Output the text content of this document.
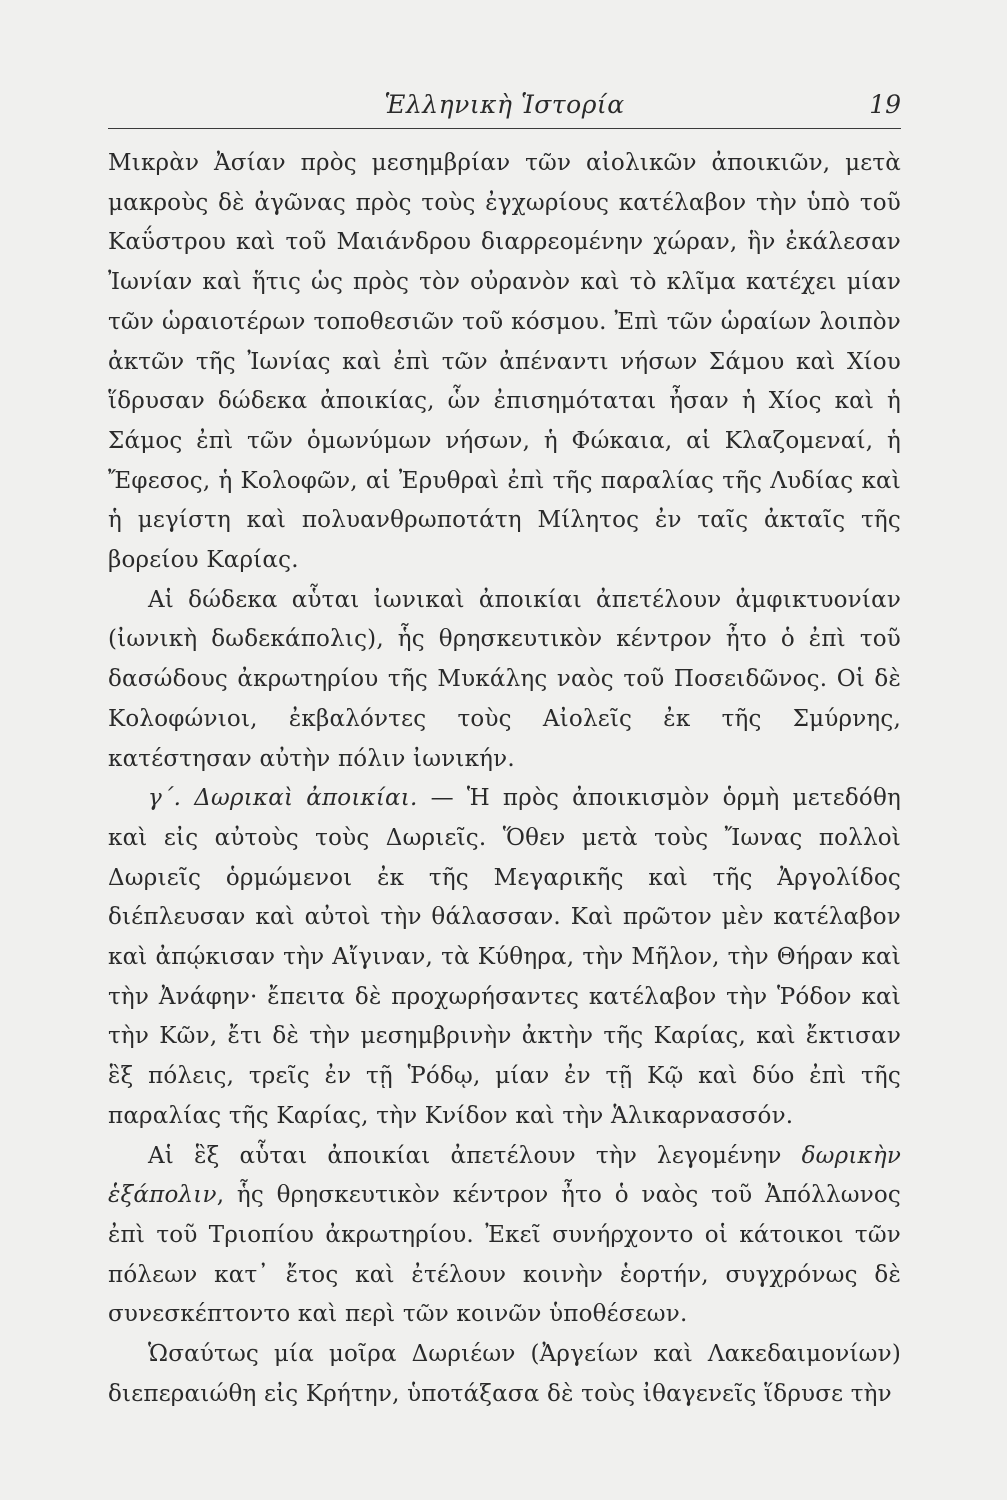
Ἑλληνικὴ Ἱστορία	19

Μικρὰν Ἀσίαν πρὸς μεσημβρίαν τῶν αἰολικῶν ἀποικιῶν, μετὰ μακροὺς δὲ ἀγῶνας πρὸς τοὺς ἐγχωρίους κατέλαβον τὴν ὑπὸ τοῦ Καΰστρου καὶ τοῦ Μαιάνδρου διαρρεομένην χώραν, ἣν ἐκάλεσαν Ἰωνίαν καὶ ἥτις ὡς πρὸς τὸν οὐρανὸν καὶ τὸ κλῖμα κατέχει μίαν τῶν ὡραιοτέρων τοποθεσιῶν τοῦ κόσμου. Ἐπὶ τῶν ὡραίων λοιπὸν ἀκτῶν τῆς Ἰωνίας καὶ ἐπὶ τῶν ἀπέναντι νήσων Σάμου καὶ Χίου ἵδρυσαν δώδεκα ἀποικίας, ὧν ἐπισημόταται ἦσαν ἡ Χίος καὶ ἡ Σάμος ἐπὶ τῶν ὁμωνύμων νήσων, ἡ Φώκαια, αἱ Κλαζομεναί, ἡ Ἔφεσος, ἡ Κολοφῶν, αἱ Ἐρυθραὶ ἐπὶ τῆς παραλίας τῆς Λυδίας καὶ ἡ μεγίστη καὶ πολυανθρωποτάτη Μίλητος ἐν ταῖς ἀκταῖς τῆς βορείου Καρίας.

Αἱ δώδεκα αὗται ἰωνικαὶ ἀποικίαι ἀπετέλουν ἀμφικτυονίαν (ἰωνικὴ δωδεκάπολις), ἧς θρησκευτικὸν κέντρον ἦτο ὁ ἐπὶ τοῦ δασώδους ἀκρωτηρίου τῆς Μυκάλης ναὸς τοῦ Ποσειδῶνος. Οἱ δὲ Κολοφώνιοι, ἐκβαλόντες τοὺς Αἰολεῖς ἐκ τῆς Σμύρνης, κατέστησαν αὐτὴν πόλιν ἰωνικήν.

γ΄. Δωρικαὶ ἀποικίαι. — Ἡ πρὸς ἀποικισμὸν ὁρμὴ μετεδόθη καὶ εἰς αὐτοὺς τοὺς Δωριεῖς. Ὅθεν μετὰ τοὺς Ἴωνας πολλοὶ Δωριεῖς ὁρμώμενοι ἐκ τῆς Μεγαρικῆς καὶ τῆς Ἀργολίδος διέπλευσαν καὶ αὐτοὶ τὴν θάλασσαν. Καὶ πρῶτον μὲν κατέλαβον καὶ ἀπῴκισαν τὴν Αἴγιναν, τὰ Κύθηρα, τὴν Μῆλον, τὴν Θήραν καὶ τὴν Ἀνάφην· ἔπειτα δὲ προχωρήσαντες κατέλαβον τὴν Ῥόδον καὶ τὴν Κῶν, ἔτι δὲ τὴν μεσημβρινὴν ἀκτὴν τῆς Καρίας, καὶ ἔκτισαν ἓξ πόλεις, τρεῖς ἐν τῇ Ῥόδῳ, μίαν ἐν τῇ Κῷ καὶ δύο ἐπὶ τῆς παραλίας τῆς Καρίας, τὴν Κνίδον καὶ τὴν Ἁλικαρνασσόν.

Αἱ ἓξ αὗται ἀποικίαι ἀπετέλουν τὴν λεγομένην δωρικὴν ἑξάπολιν, ἧς θρησκευτικὸν κέντρον ἦτο ὁ ναὸς τοῦ Ἀπόλλωνος ἐπὶ τοῦ Τριοπίου ἀκρωτηρίου. Ἐκεῖ συνήρχοντο οἱ κάτοικοι τῶν πόλεων κατ᾽ ἔτος καὶ ἐτέλουν κοινὴν ἑορτήν, συγχρόνως δὲ συνεσκέπτοντο καὶ περὶ τῶν κοινῶν ὑποθέσεων.

Ὡσαύτως μία μοῖρα Δωριέων (Ἀργείων καὶ Λακεδαιμονίων) διεπεραιώθη εἰς Κρήτην, ὑποτάξασα δὲ τοὺς ἰθαγενεῖς ἵδρυσε τὴν
